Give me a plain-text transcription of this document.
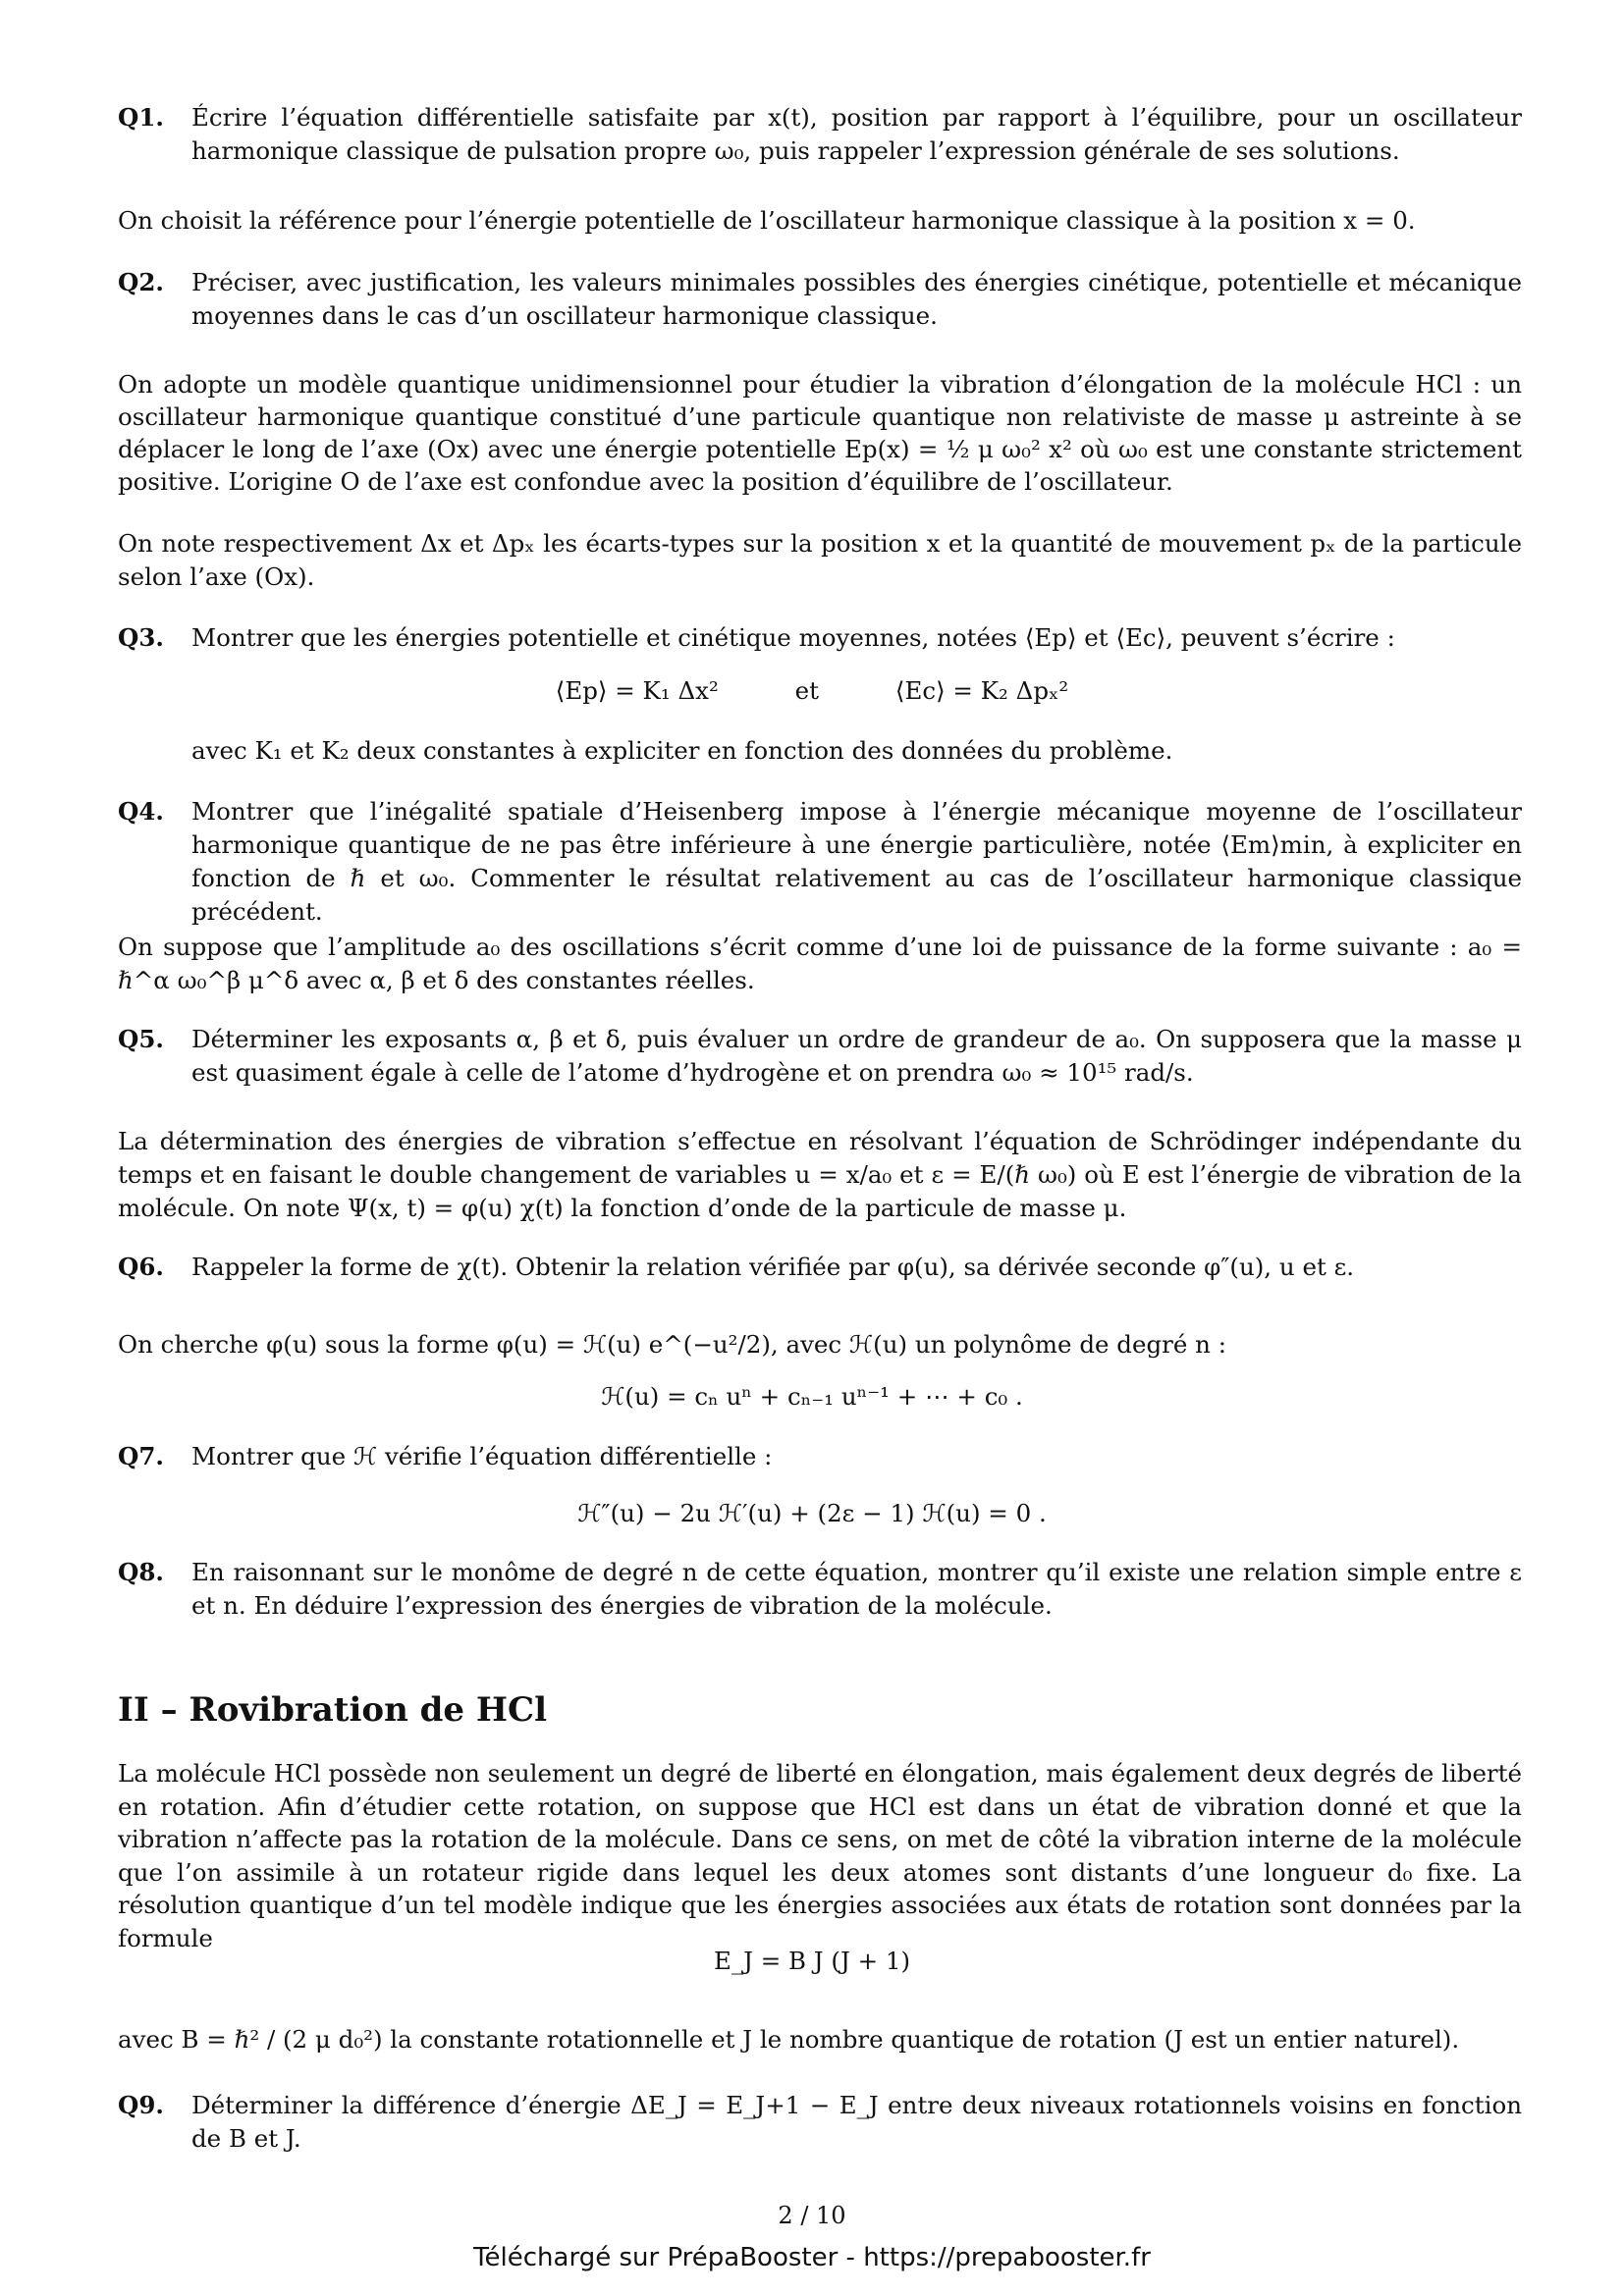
Q1. Écrire l’équation différentielle satisfaite par x(t), position par rapport à l’équilibre, pour un oscillateur harmonique classique de pulsation propre ω₀, puis rappeler l’expression générale de ses solutions.
On choisit la référence pour l’énergie potentielle de l’oscillateur harmonique classique à la position x = 0.
Q2. Préciser, avec justification, les valeurs minimales possibles des énergies cinétique, potentielle et mécanique moyennes dans le cas d’un oscillateur harmonique classique.
On adopte un modèle quantique unidimensionnel pour étudier la vibration d’élongation de la molécule HCl : un oscillateur harmonique quantique constitué d’une particule quantique non relativiste de masse μ astreinte à se déplacer le long de l’axe (Ox) avec une énergie potentielle Ep(x) = ½ μ ω₀² x² où ω₀ est une constante strictement positive. L’origine O de l’axe est confondue avec la position d’équilibre de l’oscillateur.
On note respectivement Δx et Δpₓ les écarts-types sur la position x et la quantité de mouvement pₓ de la particule selon l’axe (Ox).
Q3. Montrer que les énergies potentielle et cinétique moyennes, notées ⟨Ep⟩ et ⟨Ec⟩, peuvent s’écrire :
⟨Ep⟩ = K₁ Δx²          et          ⟨Ec⟩ = K₂ Δpₓ²
avec K₁ et K₂ deux constantes à expliciter en fonction des données du problème.
Q4. Montrer que l’inégalité spatiale d’Heisenberg impose à l’énergie mécanique moyenne de l’oscillateur harmonique quantique de ne pas être inférieure à une énergie particulière, notée ⟨Em⟩min, à expliciter en fonction de ℏ et ω₀. Commenter le résultat relativement au cas de l’oscillateur harmonique classique précédent.
On suppose que l’amplitude a₀ des oscillations s’écrit comme d’une loi de puissance de la forme suivante : a₀ = ℏ^α ω₀^β μ^δ avec α, β et δ des constantes réelles.
Q5. Déterminer les exposants α, β et δ, puis évaluer un ordre de grandeur de a₀. On supposera que la masse μ est quasiment égale à celle de l’atome d’hydrogène et on prendra ω₀ ≈ 10¹⁵ rad/s.
La détermination des énergies de vibration s’effectue en résolvant l’équation de Schrödinger indépendante du temps et en faisant le double changement de variables u = x/a₀ et ε = E/(ℏ ω₀) où E est l’énergie de vibration de la molécule. On note Ψ(x, t) = φ(u) χ(t) la fonction d’onde de la particule de masse μ.
Q6. Rappeler la forme de χ(t). Obtenir la relation vérifiée par φ(u), sa dérivée seconde φ″(u), u et ε.
On cherche φ(u) sous la forme φ(u) = ℋ(u) e^(−u²/2), avec ℋ(u) un polynôme de degré n :
ℋ(u) = cₙ uⁿ + cₙ₋₁ uⁿ⁻¹ + ⋯ + c₀ .
Q7. Montrer que ℋ vérifie l’équation différentielle :
ℋ″(u) − 2u ℋ′(u) + (2ε − 1) ℋ(u) = 0 .
Q8. En raisonnant sur le monôme de degré n de cette équation, montrer qu’il existe une relation simple entre ε et n. En déduire l’expression des énergies de vibration de la molécule.
II – Rovibration de HCl
La molécule HCl possède non seulement un degré de liberté en élongation, mais également deux degrés de liberté en rotation. Afin d’étudier cette rotation, on suppose que HCl est dans un état de vibration donné et que la vibration n’affecte pas la rotation de la molécule. Dans ce sens, on met de côté la vibration interne de la molécule que l’on assimile à un rotateur rigide dans lequel les deux atomes sont distants d’une longueur d₀ fixe. La résolution quantique d’un tel modèle indique que les énergies associées aux états de rotation sont données par la formule
E_J = B J (J + 1)
avec B = ℏ² / (2 μ d₀²) la constante rotationnelle et J le nombre quantique de rotation (J est un entier naturel).
Q9. Déterminer la différence d’énergie ΔE_J = E_J+1 − E_J entre deux niveaux rotationnels voisins en fonction de B et J.
2 / 10
Téléchargé sur PrépaBooster - https://prepabooster.fr
